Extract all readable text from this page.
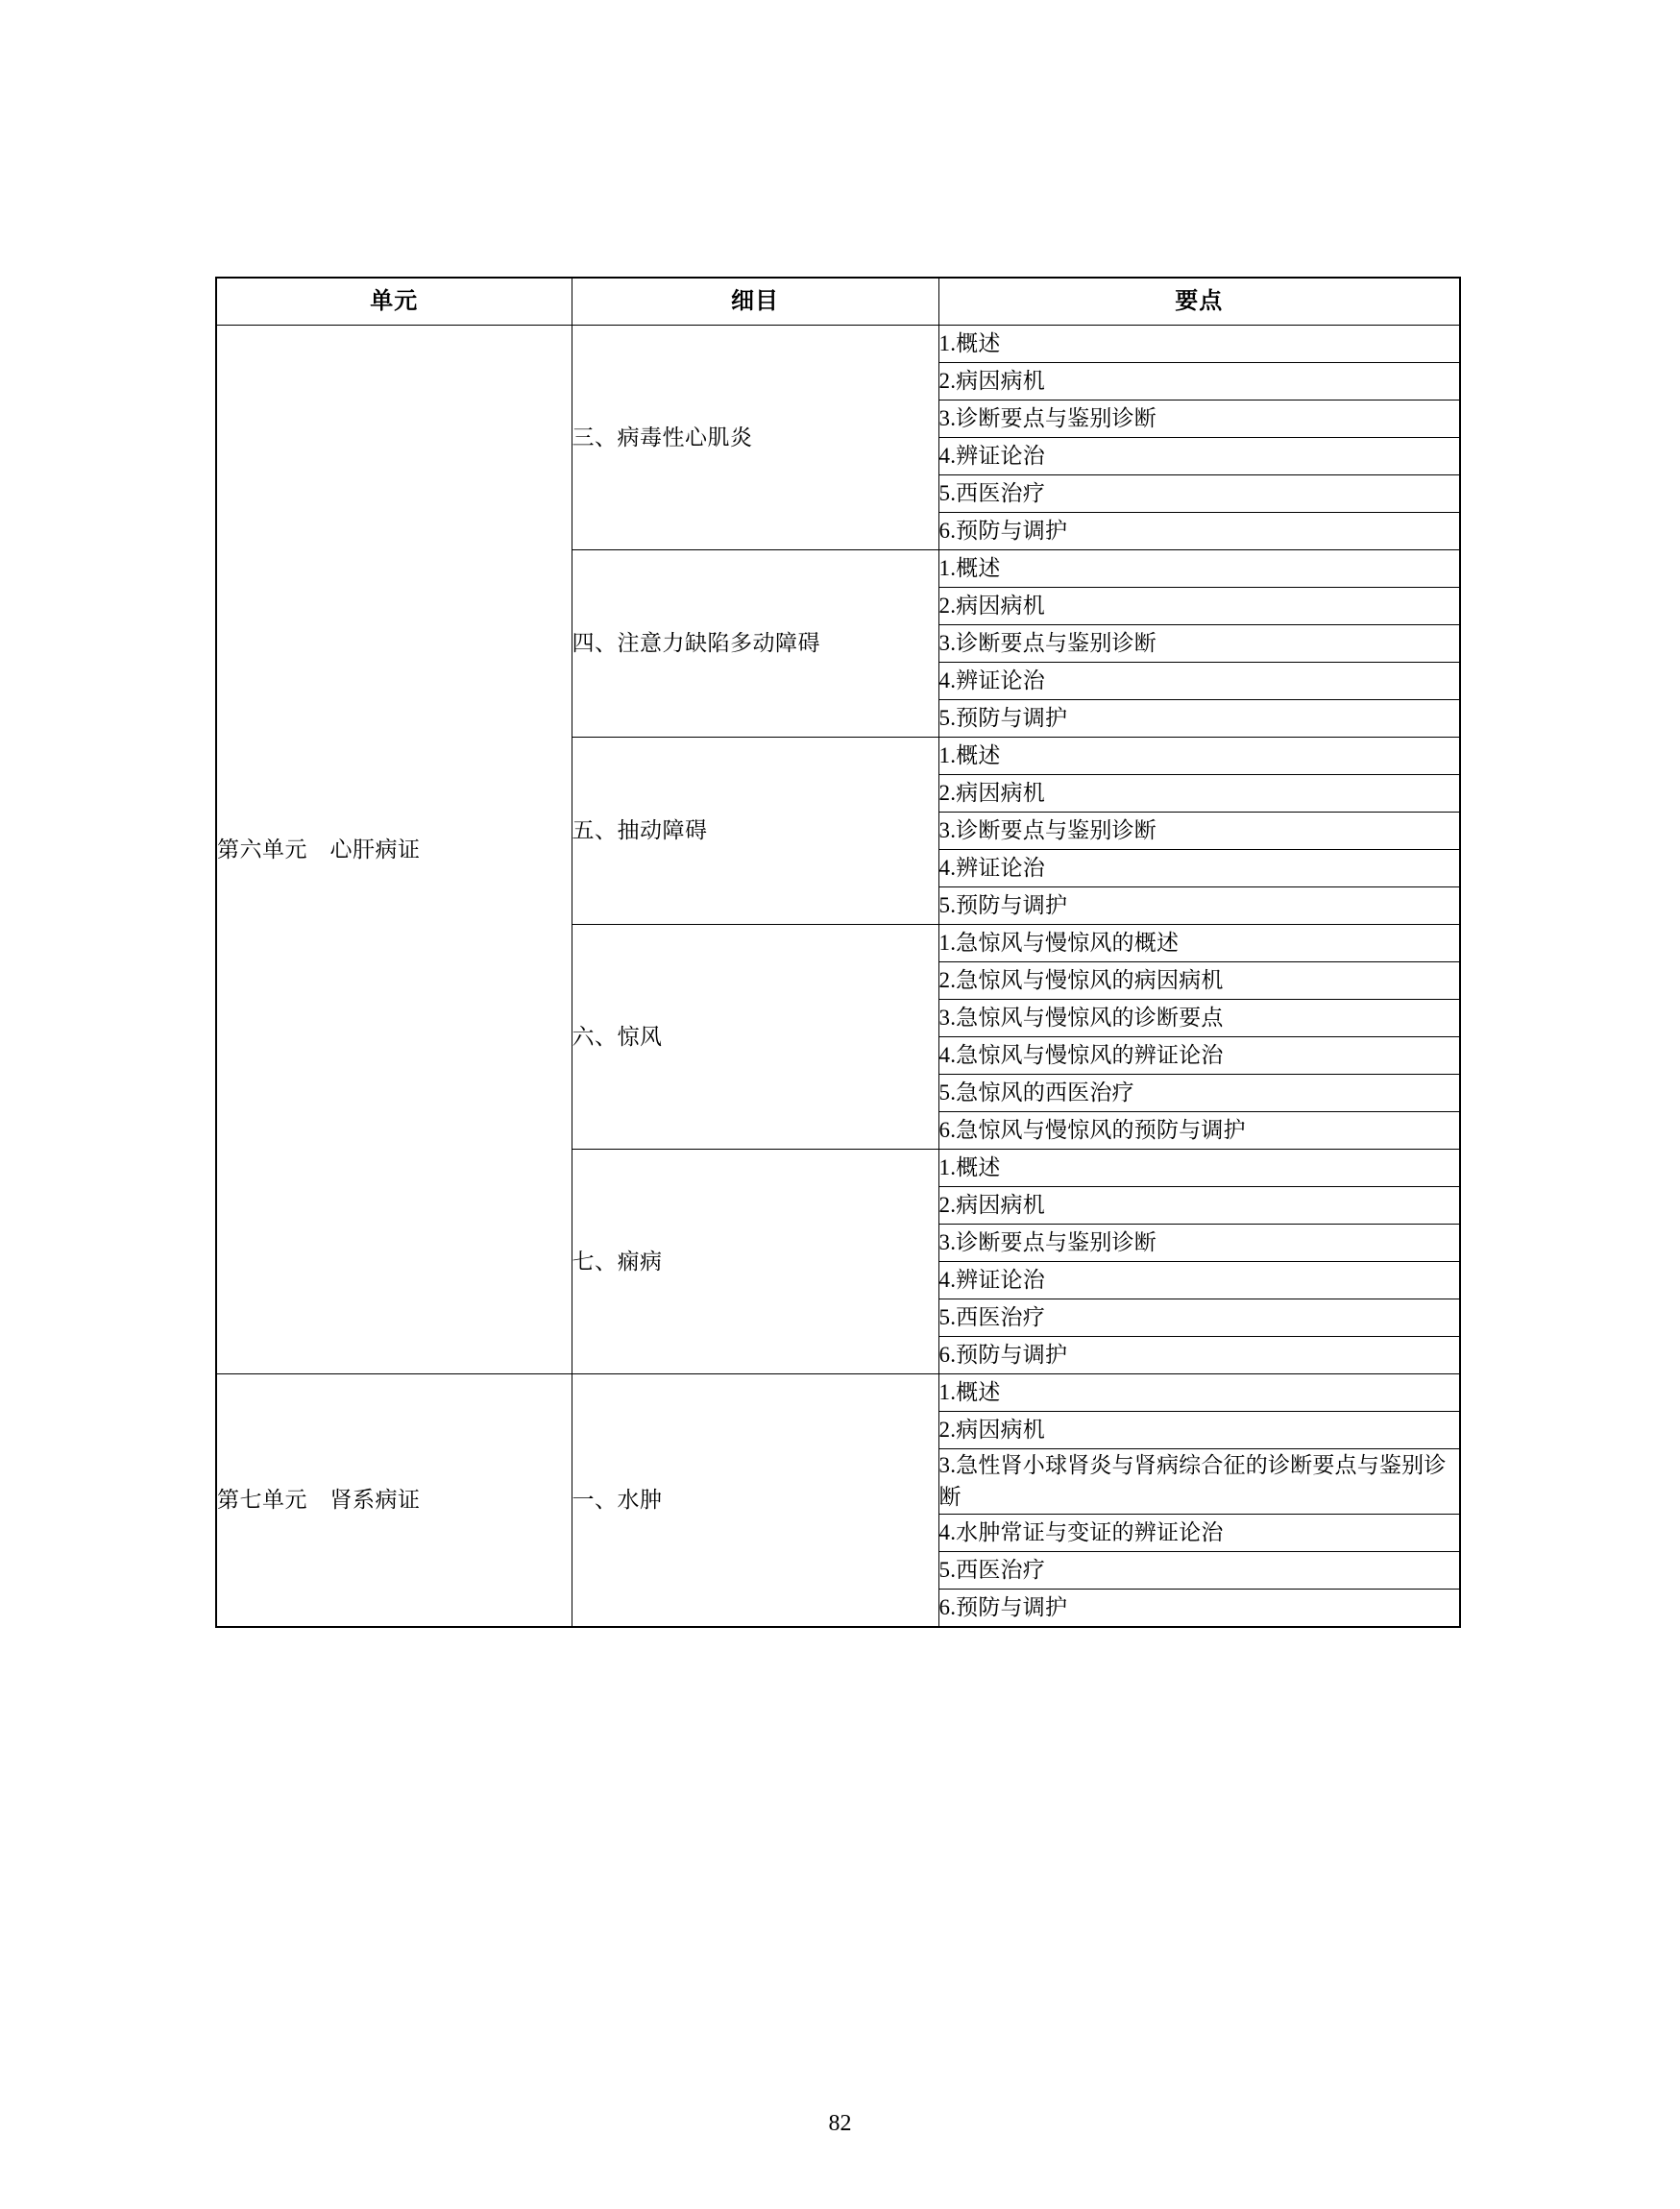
单元	细目	要点
第六单元　心肝病证	三、病毒性心肌炎	1.概述
		2.病因病机
		3.诊断要点与鉴别诊断
		4.辨证论治
		5.西医治疗
		6.预防与调护
	四、注意力缺陷多动障碍	1.概述
		2.病因病机
		3.诊断要点与鉴别诊断
		4.辨证论治
		5.预防与调护
	五、抽动障碍	1.概述
		2.病因病机
		3.诊断要点与鉴别诊断
		4.辨证论治
		5.预防与调护
	六、惊风	1.急惊风与慢惊风的概述
		2.急惊风与慢惊风的病因病机
		3.急惊风与慢惊风的诊断要点
		4.急惊风与慢惊风的辨证论治
		5.急惊风的西医治疗
		6.急惊风与慢惊风的预防与调护
	七、痫病	1.概述
		2.病因病机
		3.诊断要点与鉴别诊断
		4.辨证论治
		5.西医治疗
		6.预防与调护
第七单元　肾系病证	一、水肿	1.概述
		2.病因病机
		3.急性肾小球肾炎与肾病综合征的诊断要点与鉴别诊断
		4.水肿常证与变证的辨证论治
		5.西医治疗
		6.预防与调护
82
